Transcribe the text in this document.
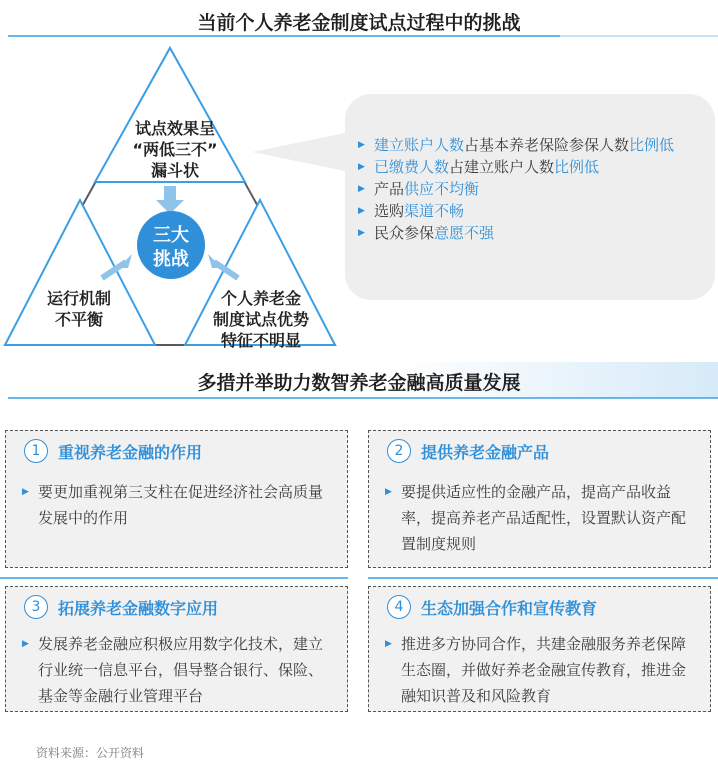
当前个人养老金制度试点过程中的挑战
试点效果呈
“两低三不”
漏斗状
运行机制
不平衡
个人养老金
制度试点优势
特征不明显
三大
挑战
▶ 建立账户人数占基本养老保险参保人数比例低
▶ 已缴费人数占建立账户人数比例低
▶ 产品供应不均衡
▶ 选购渠道不畅
▶ 民众参保意愿不强
多措并举助力数智养老金融高质量发展
1	重视养老金融的作用
▶ 要更加重视第三支柱在促进经济社会高质量发展中的作用
2	提供养老金融产品
▶ 要提供适应性的金融产品，提高产品收益率，提高养老产品适配性，设置默认资产配置制度规则
3	拓展养老金融数字应用
▶ 发展养老金融应积极应用数字化技术，建立行业统一信息平台，倡导整合银行、保险、基金等金融行业管理平台
4	生态加强合作和宣传教育
▶ 推进多方协同合作，共建金融服务养老保障生态圈，并做好养老金融宣传教育，推进金融知识普及和风险教育
资料来源：公开资料
